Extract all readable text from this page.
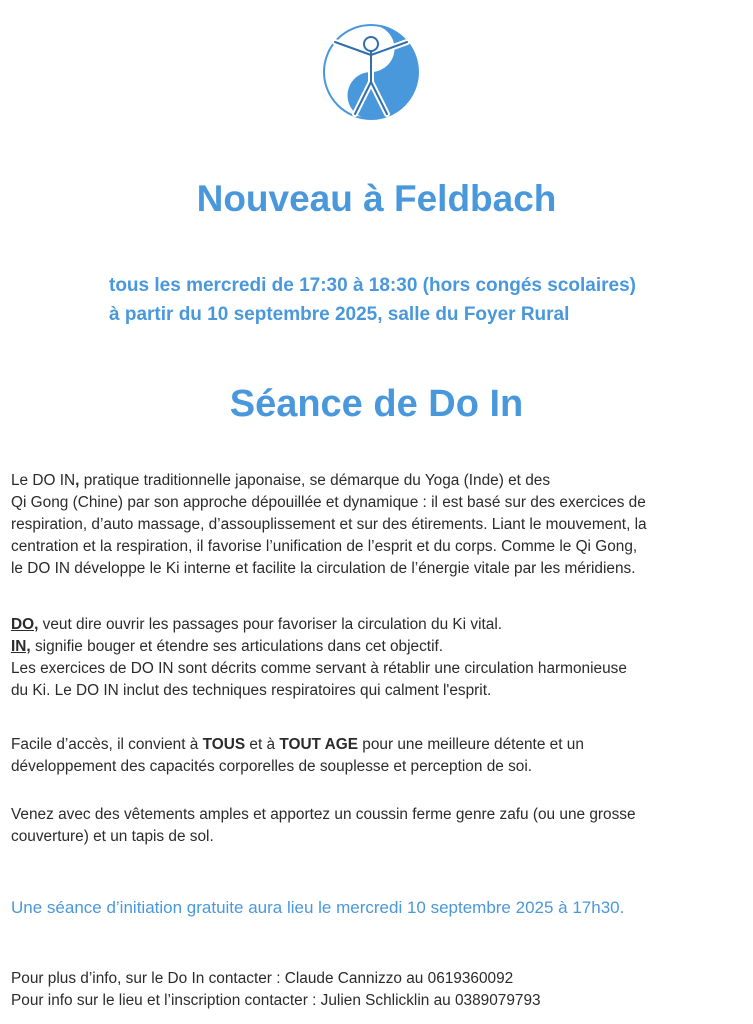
Nouveau à Feldbach
tous les mercredi de 17:30 à 18:30 (hors congés scolaires)
à partir du 10 septembre 2025, salle du Foyer Rural
Séance de Do In

Le DO IN, pratique traditionnelle japonaise, se démarque du Yoga (Inde) et des

Qi Gong (Chine) par son approche dépouillée et dynamique : il est basé sur des exercices de

respiration, d’auto massage, d’assouplissement et sur des étirements. Liant le mouvement, la

centration et la respiration, il favorise l’unification de l’esprit et du corps. Comme le Qi Gong,

le DO IN développe le Ki interne et facilite la circulation de l’énergie vitale par les méridiens.

DO, veut dire ouvrir les passages pour favoriser la circulation du Ki vital.

IN, signifie bouger et étendre ses articulations dans cet objectif.

Les exercices de DO IN sont décrits comme servant à rétablir une circulation harmonieuse

du Ki. Le DO IN inclut des techniques respiratoires qui calment l'esprit.

Facile d’accès, il convient à TOUS et à TOUT AGE pour une meilleure détente et un

développement des capacités corporelles de souplesse et perception de soi.

Venez avec des vêtements amples et apportez un coussin ferme genre zafu (ou une grosse

couverture) et un tapis de sol.

Une séance d’initiation gratuite aura lieu le mercredi 10 septembre 2025 à 17h30.

Pour plus d’info, sur le Do In contacter : Claude Cannizzo au 0619360092

Pour info sur le lieu et l’inscription contacter : Julien Schlicklin au 0389079793
